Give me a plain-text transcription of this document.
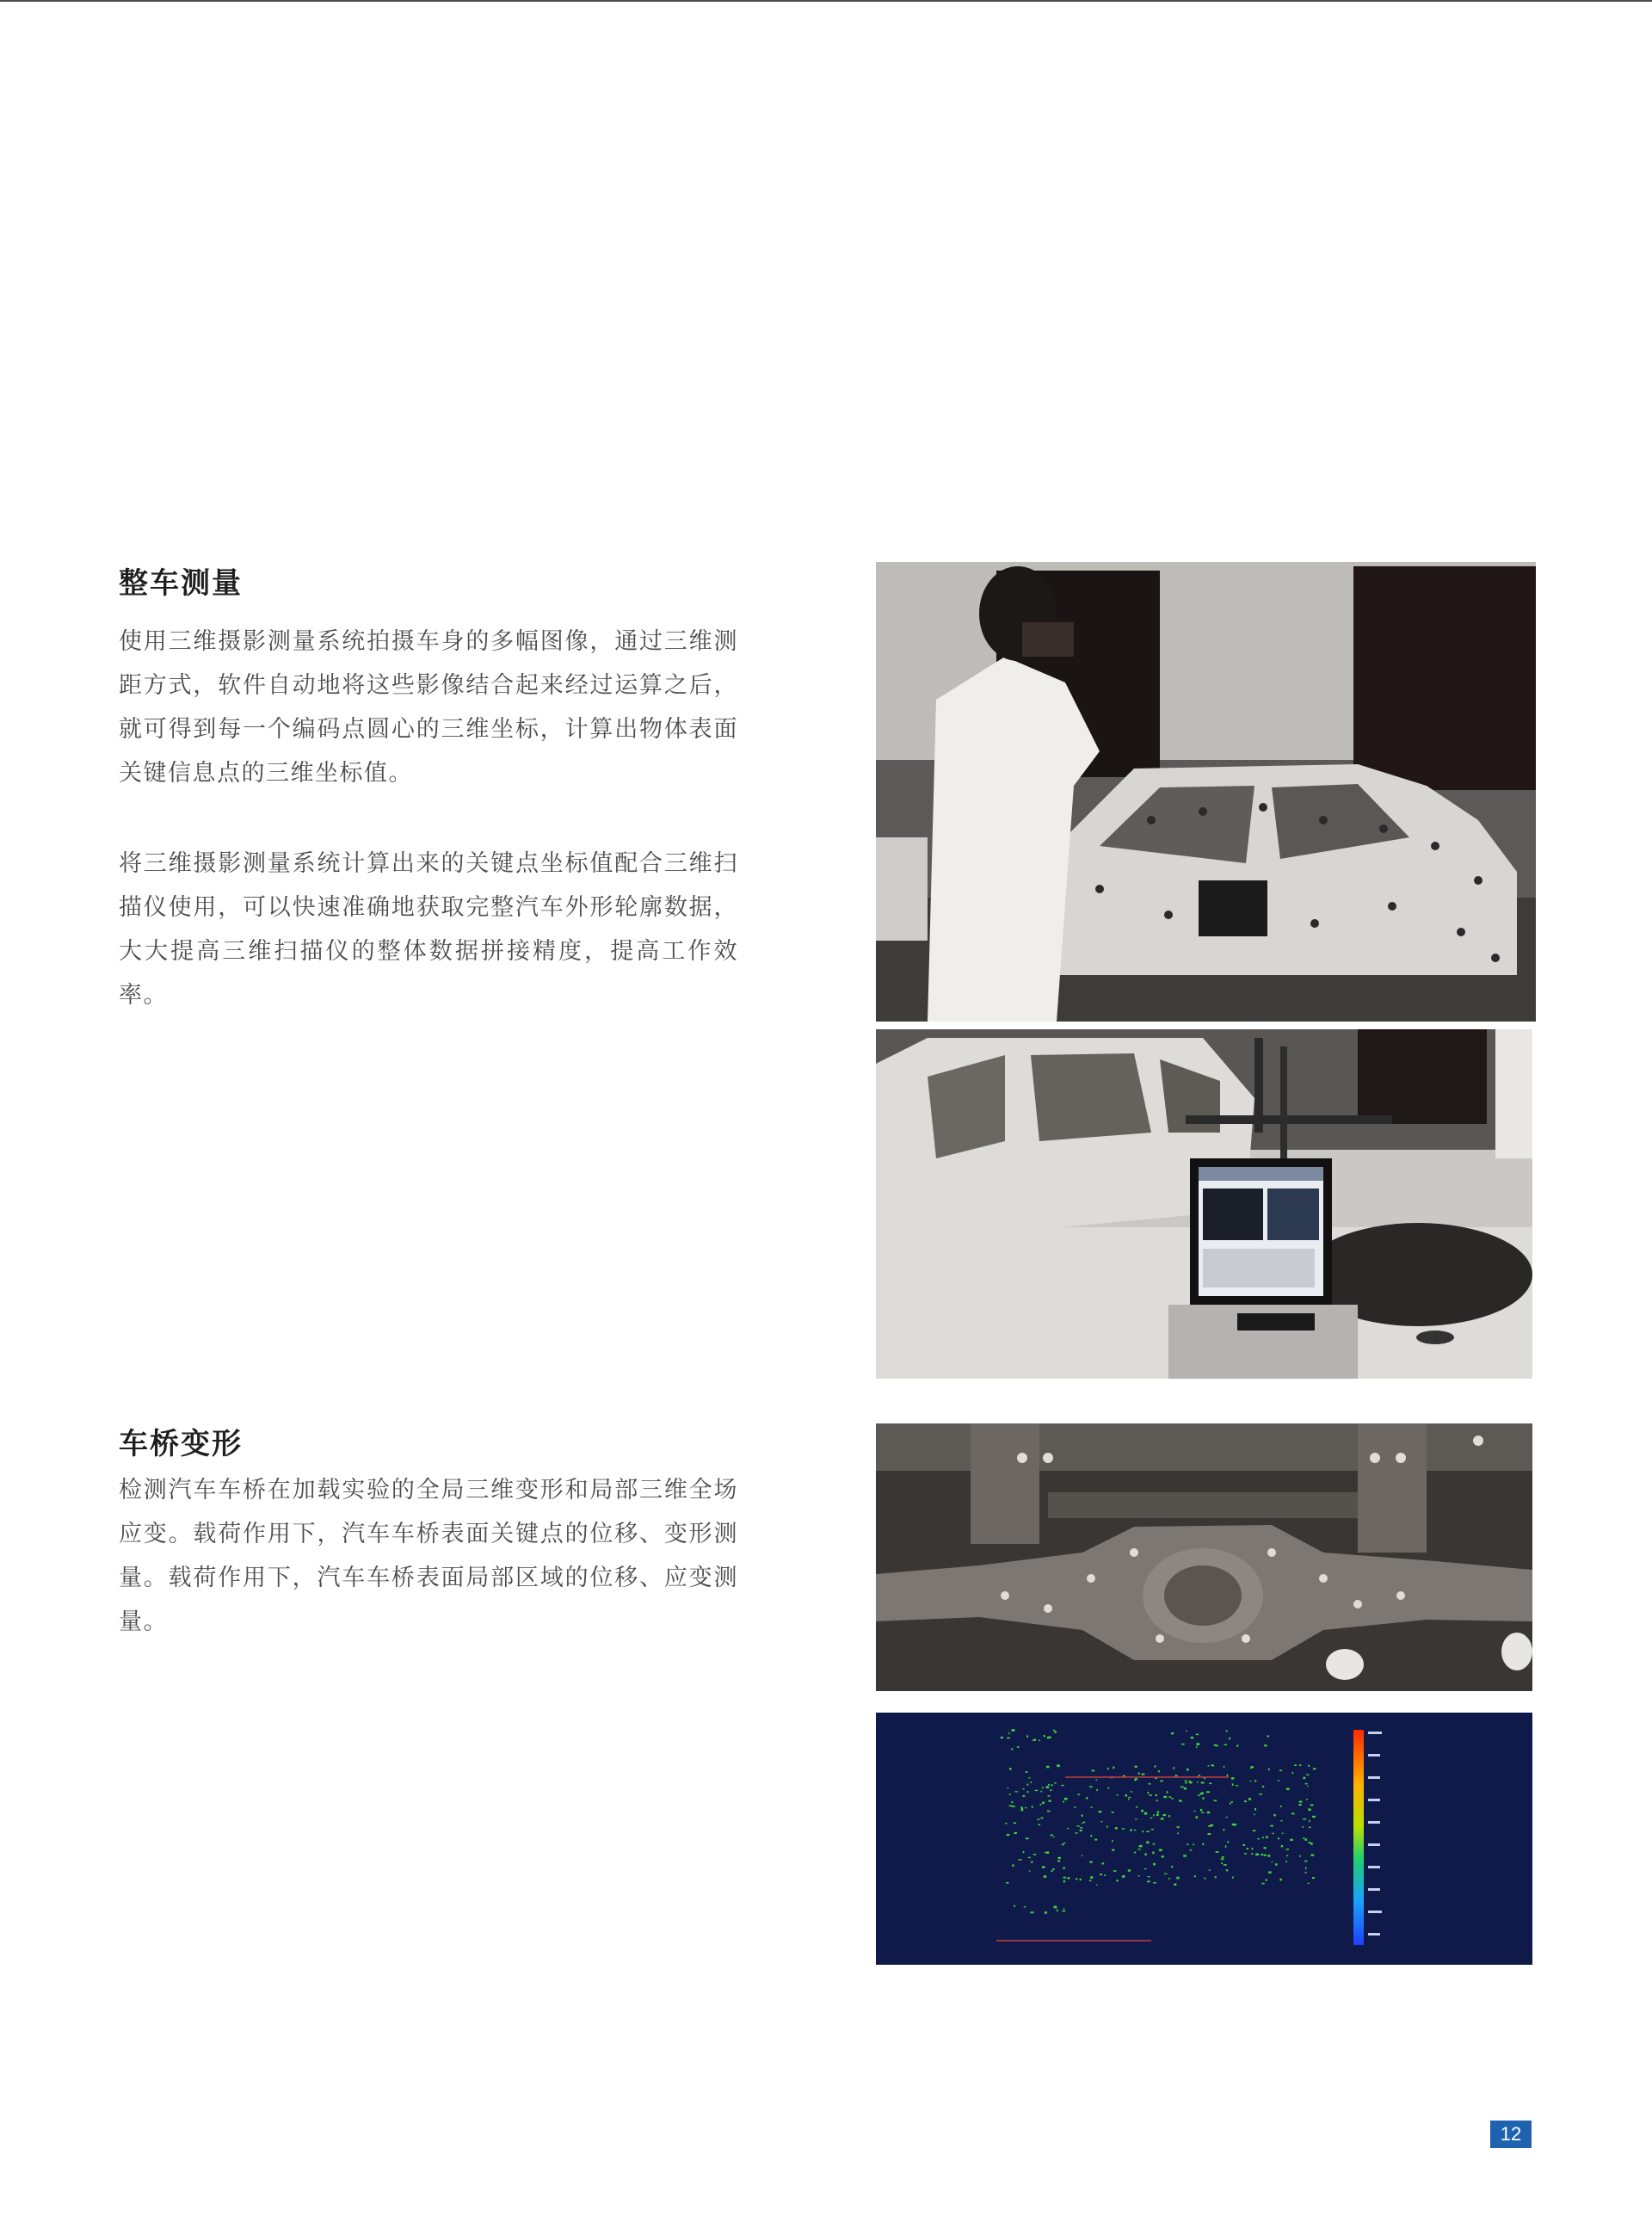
整车测量
使用三维摄影测量系统拍摄车身的多幅图像，通过三维测距方式，软件自动地将这些影像结合起来经过运算之后，就可得到每一个编码点圆心的三维坐标，计算出物体表面关键信息点的三维坐标值。
将三维摄影测量系统计算出来的关键点坐标值配合三维扫描仪使用，可以快速准确地获取完整汽车外形轮廓数据，大大提高三维扫描仪的整体数据拼接精度，提高工作效率。
车桥变形
检测汽车车桥在加载实验的全局三维变形和局部三维全场应变。载荷作用下，汽车车桥表面关键点的位移、变形测量。载荷作用下，汽车车桥表面局部区域的位移、应变测量。
12
